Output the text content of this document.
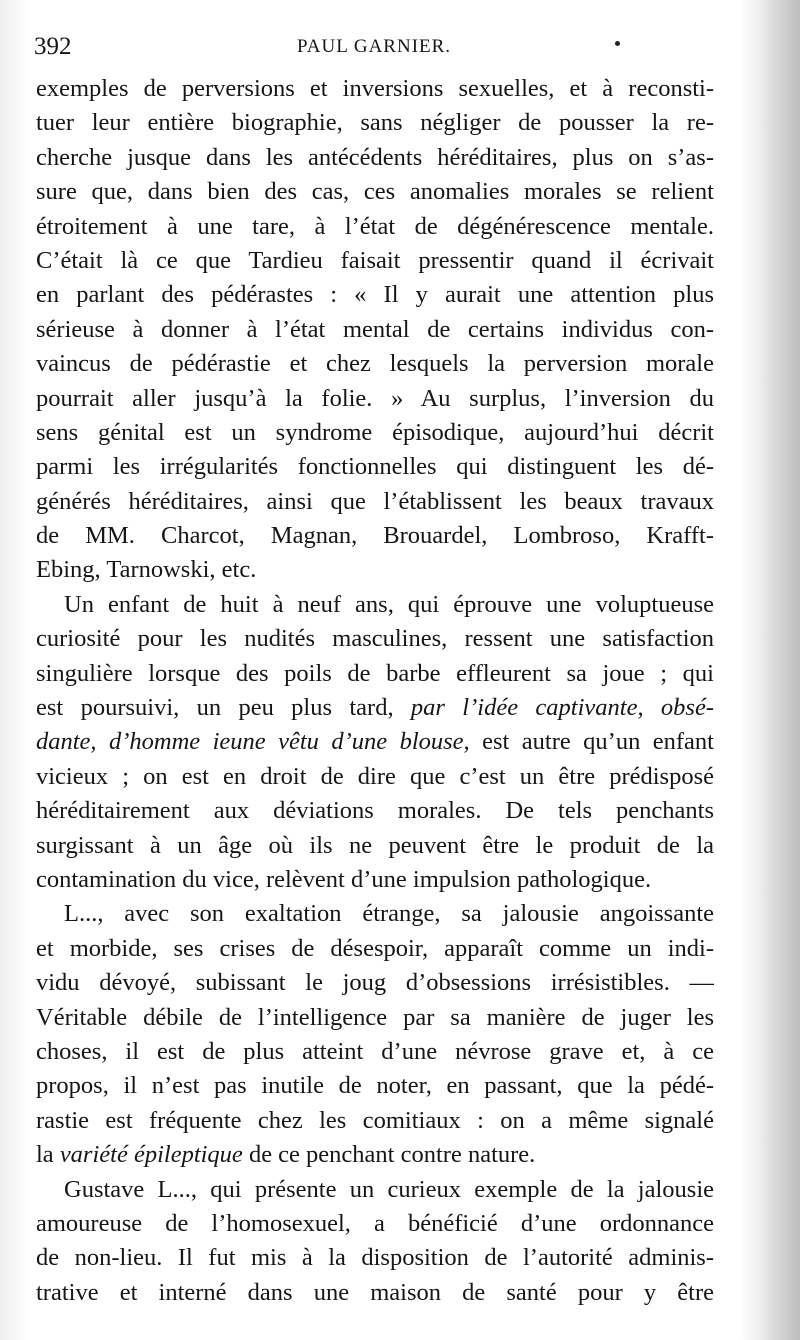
392	PAUL GARNIER.
exemples de perversions et inversions sexuelles, et à reconsti-
tuer leur entière biographie, sans négliger de pousser la re-
cherche jusque dans les antécédents héréditaires, plus on s’as-
sure que, dans bien des cas, ces anomalies morales se relient
étroitement à une tare, à l’état de dégénérescence mentale.
C’était là ce que Tardieu faisait pressentir quand il écrivait
en parlant des pédérastes : « Il y aurait une attention plus
sérieuse à donner à l’état mental de certains individus con-
vaincus de pédérastie et chez lesquels la perversion morale
pourrait aller jusqu’à la folie. » Au surplus, l’inversion du
sens génital est un syndrome épisodique, aujourd’hui décrit
parmi les irrégularités fonctionnelles qui distinguent les dé-
générés héréditaires, ainsi que l’établissent les beaux travaux
de MM. Charcot, Magnan, Brouardel, Lombroso, Krafft-
Ebing, Tarnowski, etc.
Un enfant de huit à neuf ans, qui éprouve une voluptueuse
curiosité pour les nudités masculines, ressent une satisfaction
singulière lorsque des poils de barbe effleurent sa joue ; qui
est poursuivi, un peu plus tard, par l’idée captivante, obsé-
dante, d’homme ieune vêtu d’une blouse, est autre qu’un enfant
vicieux ; on est en droit de dire que c’est un être prédisposé
héréditairement aux déviations morales. De tels penchants
surgissant à un âge où ils ne peuvent être le produit de la
contamination du vice, relèvent d’une impulsion pathologique.
L..., avec son exaltation étrange, sa jalousie angoissante
et morbide, ses crises de désespoir, apparaît comme un indi-
vidu dévoyé, subissant le joug d’obsessions irrésistibles. —
Véritable débile de l’intelligence par sa manière de juger les
choses, il est de plus atteint d’une névrose grave et, à ce
propos, il n’est pas inutile de noter, en passant, que la pédé-
rastie est fréquente chez les comitiaux : on a même signalé
la variété épileptique de ce penchant contre nature.
Gustave L..., qui présente un curieux exemple de la jalousie
amoureuse de l’homosexuel, a bénéficié d’une ordonnance
de non-lieu. Il fut mis à la disposition de l’autorité adminis-
trative et interné dans une maison de santé pour y être
